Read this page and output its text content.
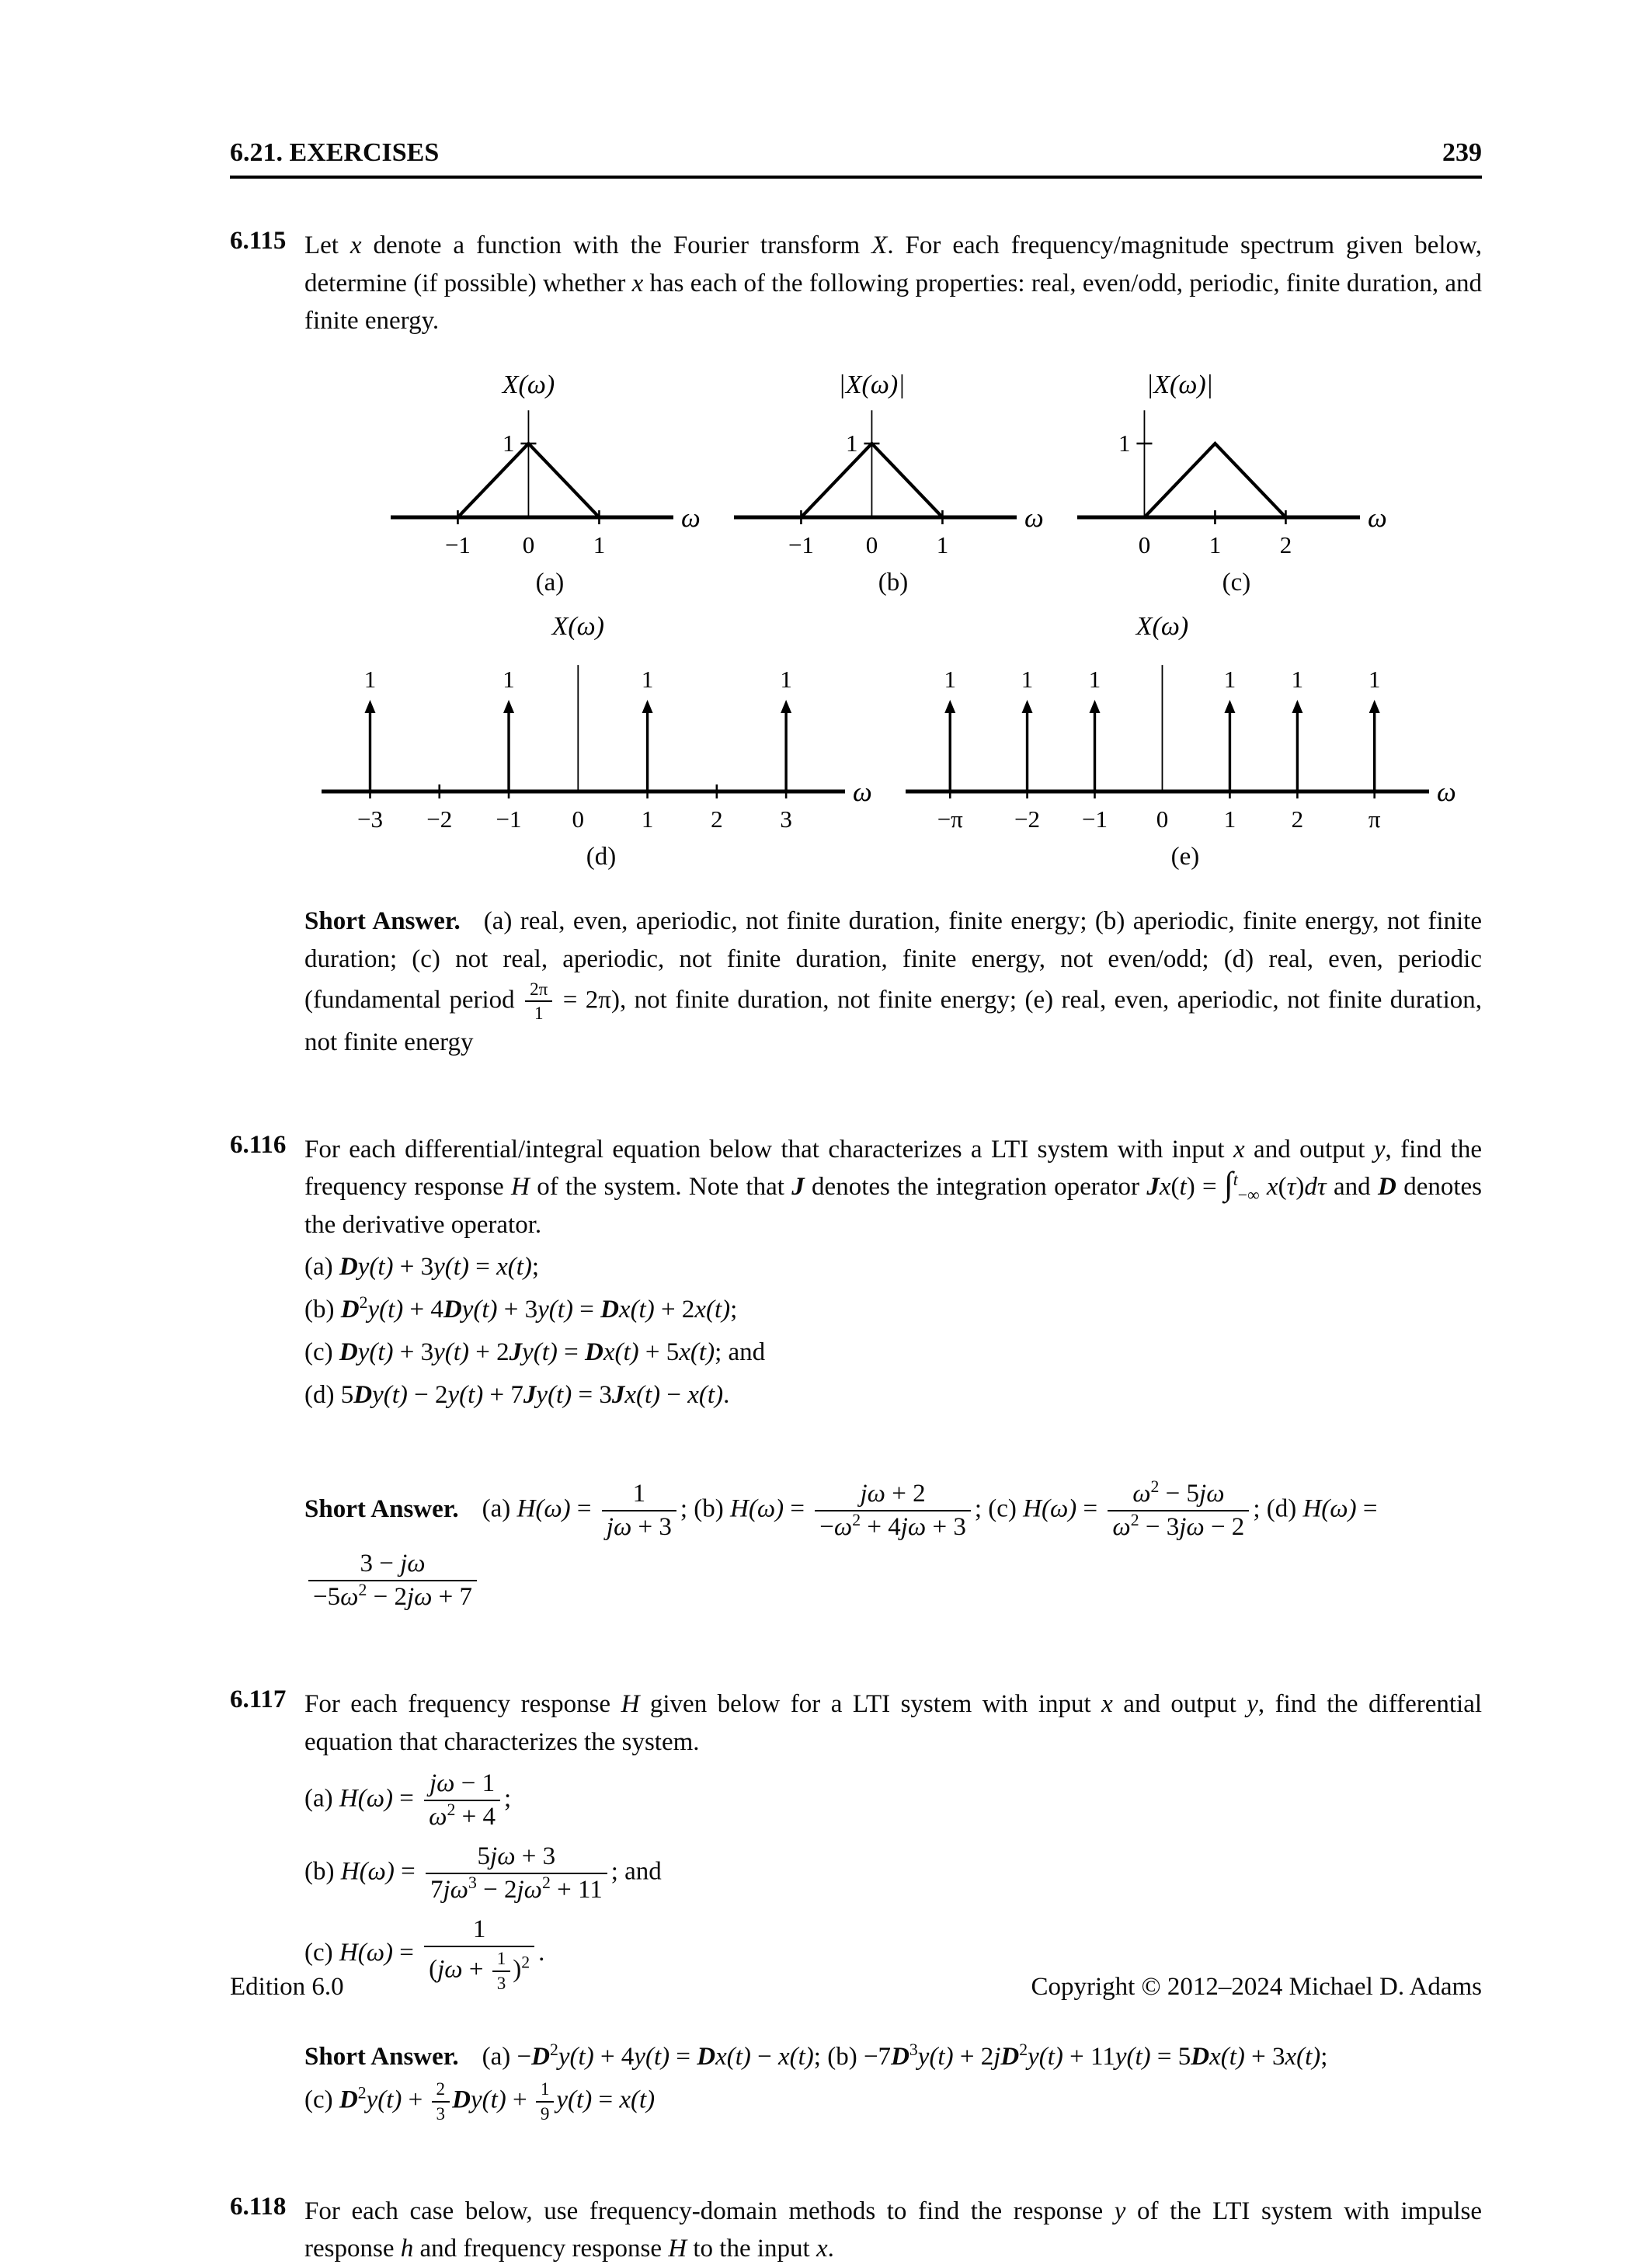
6.21. EXERCISES	239
6.115 Let x denote a function with the Fourier transform X. For each frequency/magnitude spectrum given below, determine (if possible) whether x has each of the following properties: real, even/odd, periodic, finite duration, and finite energy.

ω
X(ω)
−1 0 1
1
(a)
ω
|X(ω)|
−1 0 1
1
(b)
ω
|X(ω)|
0 1 2
1
(c)
ω
X(ω)
−3 −2 −1 0 1 2 3
1	1	1	1
(d)
ω
X(ω)
−π −2 −1 0 1 2	π
1	1 1	1 1	1
(e)
Short Answer. (a) real, even, aperiodic, not finite duration, finite energy; (b) aperiodic, finite energy, not finite duration; (c) not real, aperiodic, not finite duration, finite energy, not even/odd; (d) real, even, periodic (fundamental period $\frac{2\pi}{1} = 2\pi$), not finite duration, not finite energy; (e) real, even, aperiodic, not finite duration, not finite energy
6.116 For each differential/integral equation below that characterizes a LTI system with input x and output y, find the frequency response H of the system. Note that J denotes the integration operator Jx(t) = ∫$^t_{-\infty}$ x(τ)dτ and D denotes the derivative operator.

(a) Dy(t) + 3y(t) = x(t);
(b) $D^2y(t) + 4Dy(t) + 3y(t) = Dx(t) + 2x(t)$;
(c) Dy(t) + 3y(t) + 2Jy(t) = Dx(t) + 5x(t); and
(d) 5Dy(t) − 2y(t) + 7Jy(t) = 3Jx(t) − x(t).
Short Answer. (a) $H(\omega) = \frac{1}{j\omega + 3}$ ; (b) $H(\omega) = \frac{j\omega + 2}{-\omega^2 + 4j\omega + 3}$ ; (c) $H(\omega) = \frac{\omega^2 - 5j\omega}{\omega^2 - 3j\omega - 2}$ ; (d) H(ω) =
$\frac{3 - j\omega}{-5\omega^2 - 2j\omega + 7}$
6.117 For each frequency response H given below for a LTI system with input x and output y, find the differential equation that characterizes the system.

(a) $H(\omega) = \frac{j\omega - 1}{\omega^2 + 4}$ ;

(b) $H(\omega) = \frac{5j\omega + 3}{7j\omega^3 - 2j\omega^2 + 11}$ ; and

(c) $H(\omega) = \frac{1}{(j\omega + \frac{1}{3} )^2}$ .

Short Answer. $(a) -D^2y(t) + 4y(t) = Dx(t) - x(t)$; $(b) -7D^3y(t) + 2jD^2y(t) + 11y(t) = 5Dx(t) + 3x(t)$;
(c) $D^2y(t) + \frac{2}{3} Dy(t) + \frac{1}{9} y(t) = x(t)$
6.118 For each case below, use frequency-domain methods to find the response y of the LTI system with impulse response h and frequency response H to the input x.

Edition 6.0	Copyright © 2012–2024 Michael D. Adams
